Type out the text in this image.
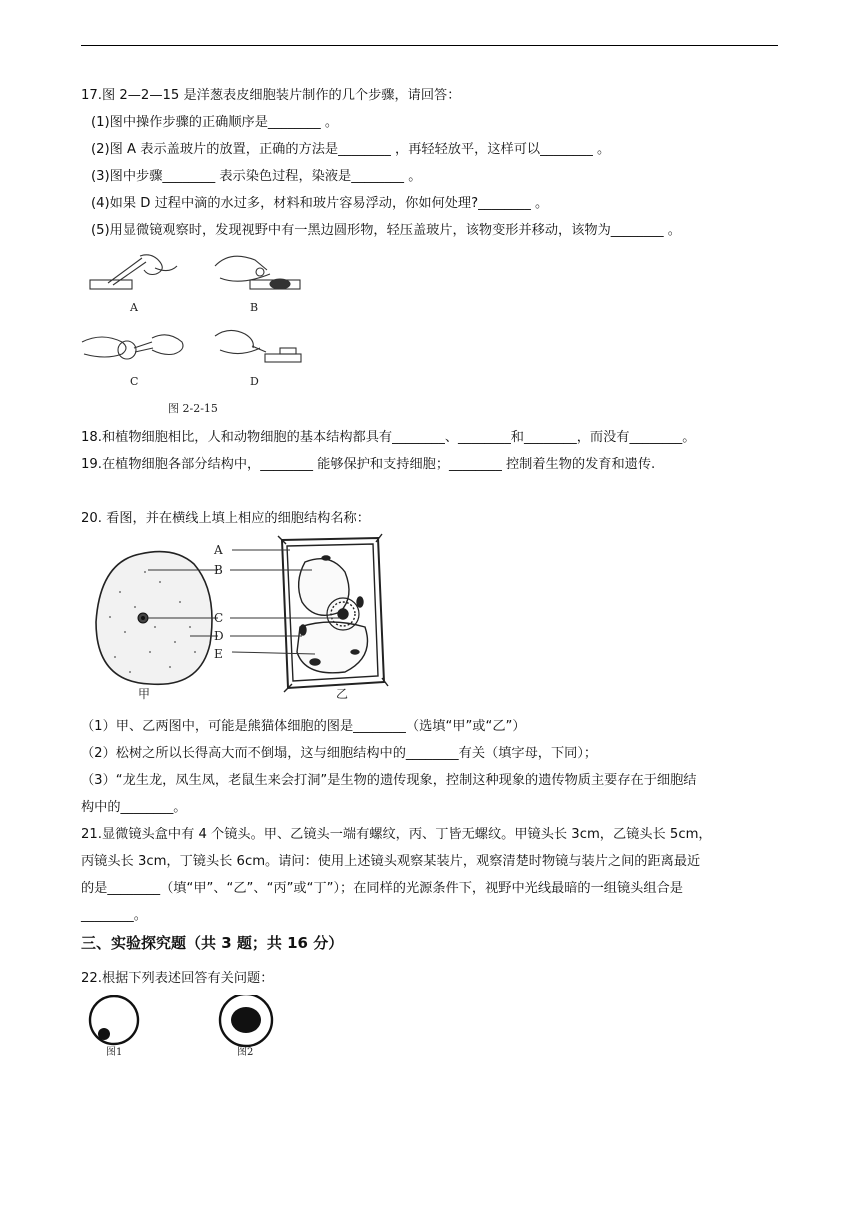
17.图 2—2—15 是洋葱表皮细胞装片制作的几个步骤，请回答：
(1)图中操作步骤的正确顺序是________ 。
(2)图 A 表示盖玻片的放置，正确的方法是________ ，再轻轻放平，这样可以________ 。
(3)图中步骤________ 表示染色过程，染液是________ 。
(4)如果 D 过程中滴的水过多，材料和玻片容易浮动，你如何处理?________ 。
(5)用显微镜观察时，发现视野中有一黑边圆形物，轻压盖玻片，该物变形并移动，该物为________ 。
A	B
C	D
图 2-2-15
18.和植物细胞相比，人和动物细胞的基本结构都具有________、________和________，而没有________。
19.在植物细胞各部分结构中，________ 能够保护和支持细胞；________ 控制着生物的发育和遗传.
20. 看图，并在横线上填上相应的细胞结构名称：
A
B
C
D
E
甲	乙
（1）甲、乙两图中，可能是熊猫体细胞的图是________（选填“甲”或“乙”）
（2）松树之所以长得高大而不倒塌，这与细胞结构中的________有关（填字母，下同）；
（3）“龙生龙，凤生凤，老鼠生来会打洞”是生物的遗传现象，控制这种现象的遗传物质主要存在于细胞结
构中的________。
21.显微镜头盒中有 4 个镜头。甲、乙镜头一端有螺纹，丙、丁皆无螺纹。甲镜头长 3cm，乙镜头长 5cm，
丙镜头长 3cm，丁镜头长 6cm。请问：使用上述镜头观察某装片，观察清楚时物镜与装片之间的距离最近
的是________（填“甲”、“乙”、“丙”或“丁”）；在同样的光源条件下，视野中光线最暗的一组镜头组合是
________。
三、实验探究题（共 3 题；共 16 分）
22.根据下列表述回答有关问题：
图1	图2
